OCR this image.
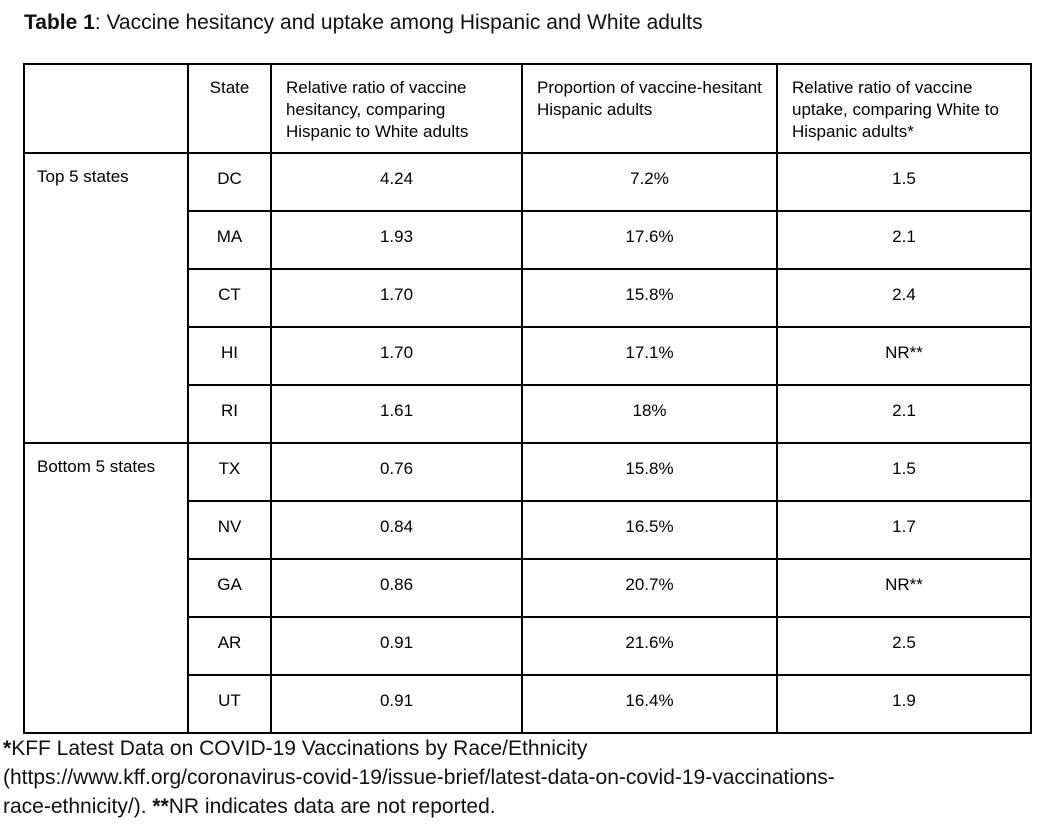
Table 1: Vaccine hesitancy and uptake among Hispanic and White adults
	State	Relative ratio of vaccine hesitancy, comparing Hispanic to White adults	Proportion of vaccine-hesitant Hispanic adults	Relative ratio of vaccine uptake, comparing White to Hispanic adults*
Top 5 states	DC	4.24	7.2%	1.5
	MA	1.93	17.6%	2.1
	CT	1.70	15.8%	2.4
	HI	1.70	17.1%	NR**
	RI	1.61	18%	2.1
Bottom 5 states	TX	0.76	15.8%	1.5
	NV	0.84	16.5%	1.7
	GA	0.86	20.7%	NR**
	AR	0.91	21.6%	2.5
	UT	0.91	16.4%	1.9
*KFF Latest Data on COVID-19 Vaccinations by Race/Ethnicity
(https://www.kff.org/coronavirus-covid-19/issue-brief/latest-data-on-covid-19-vaccinations-
race-ethnicity/). **NR indicates data are not reported.
